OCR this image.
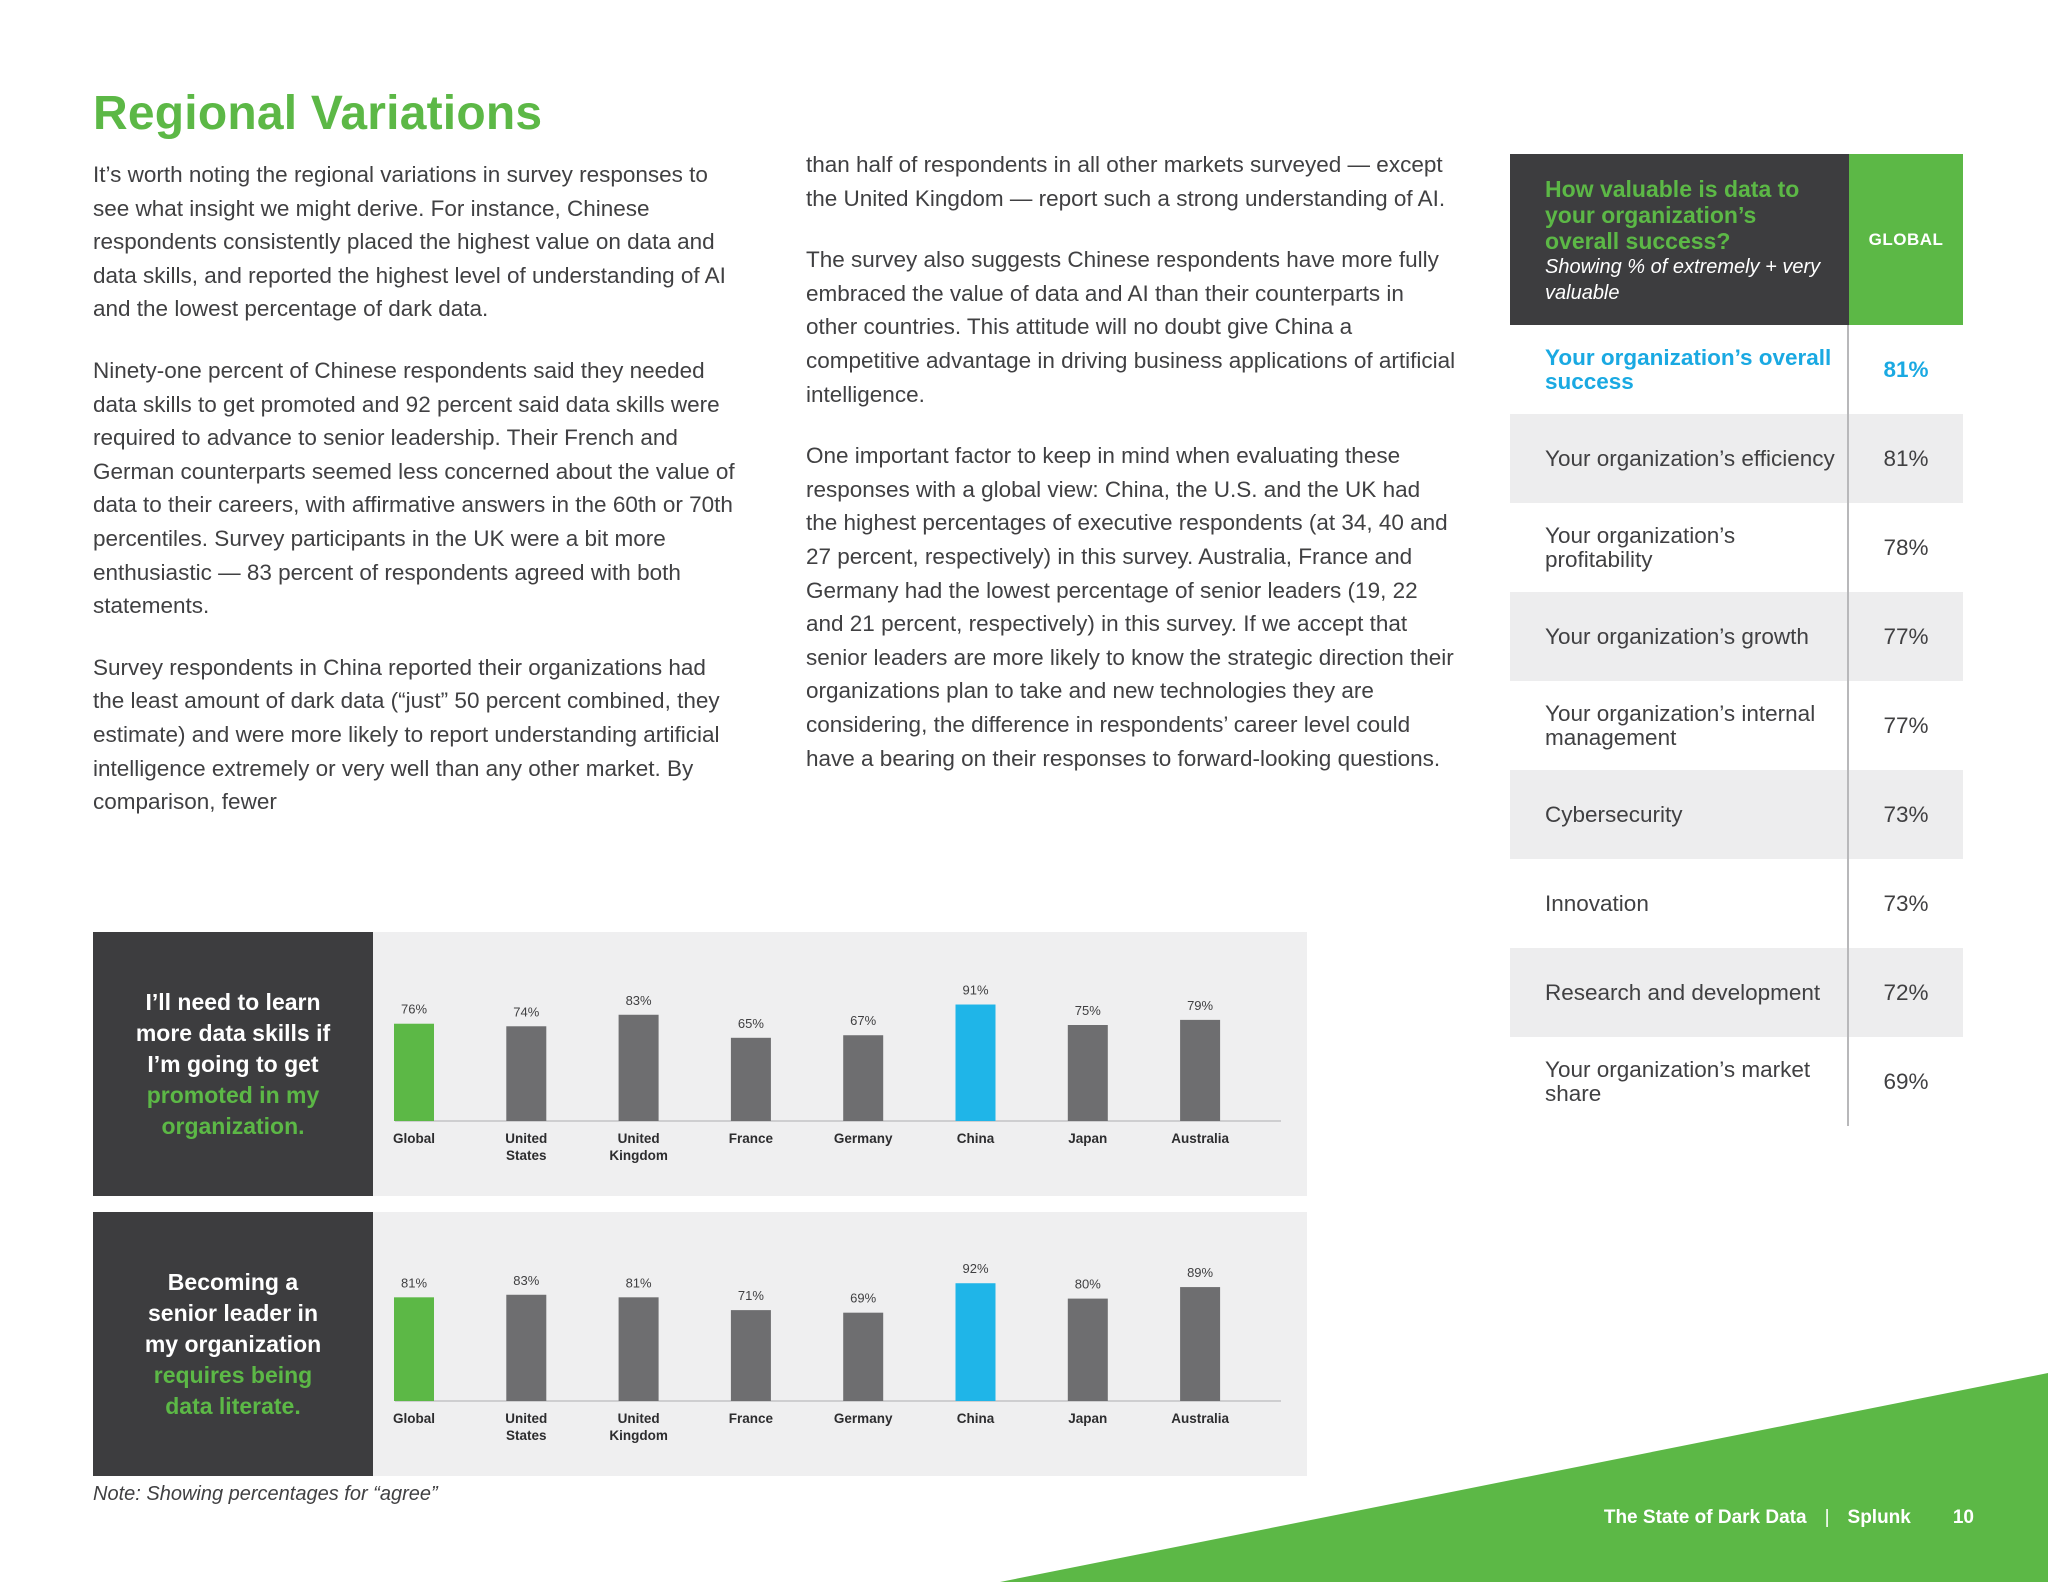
Regional Variations

It’s worth noting the regional variations in survey responses to see what insight we might derive. For instance, Chinese respondents consistently placed the highest value on data and data skills, and reported the highest level of understanding of AI and the lowest percentage of dark data.

Ninety-one percent of Chinese respondents said they needed data skills to get promoted and 92 percent said data skills were required to advance to senior leadership. Their French and German counterparts seemed less concerned about the value of data to their careers, with affirmative answers in the 60th or 70th percentiles. Survey participants in the UK were a bit more enthusiastic — 83 percent of respondents agreed with both statements.

Survey respondents in China reported their organizations had the least amount of dark data (“just” 50 percent combined, they estimate) and were more likely to report understanding artificial intelligence extremely or very well than any other market. By comparison, fewer

than half of respondents in all other markets surveyed — except the United Kingdom — report such a strong understanding of AI.

The survey also suggests Chinese respondents have more fully embraced the value of data and AI than their counterparts in other countries. This attitude will no doubt give China a competitive advantage in driving business applications of artificial intelligence.

One important factor to keep in mind when evaluating these responses with a global view: China, the U.S. and the UK had the highest percentages of executive respondents (at 34, 40 and 27 percent, respectively) in this survey. Australia, France and Germany had the lowest percentage of senior leaders (19, 22 and 21 percent, respectively) in this survey. If we accept that senior leaders are more likely to know the strategic direction their organizations plan to take and new technologies they are considering, the difference in respondents’ career level could have a bearing on their responses to forward-looking questions.

How valuable is data to your organization’s overall success?
Showing % of extremely + very valuable
GLOBAL
Your organization’s overall success	81%
Your organization’s efficiency	81%
Your organization’s profitability	78%
Your organization’s growth	77%
Your organization’s internal management	77%
Cybersecurity	73%
Innovation	73%
Research and development	72%
Your organization’s market share	69%
I’ll need to learn
more data skills if
I’m going to get
promoted in my
organization.
76%
Global
74%
United States
83%
United Kingdom
65%
France
67%
Germany
91%
China
75%
Japan
79%
Australia
Becoming a
senior leader in
my organization
requires being
data literate.
81%
Global
83%
United States
81%
United Kingdom
71%
France
69%
Germany
92%
China
80%
Japan
89%
Australia
Note: Showing percentages for “agree”
The State of Dark Data | Splunk 10
